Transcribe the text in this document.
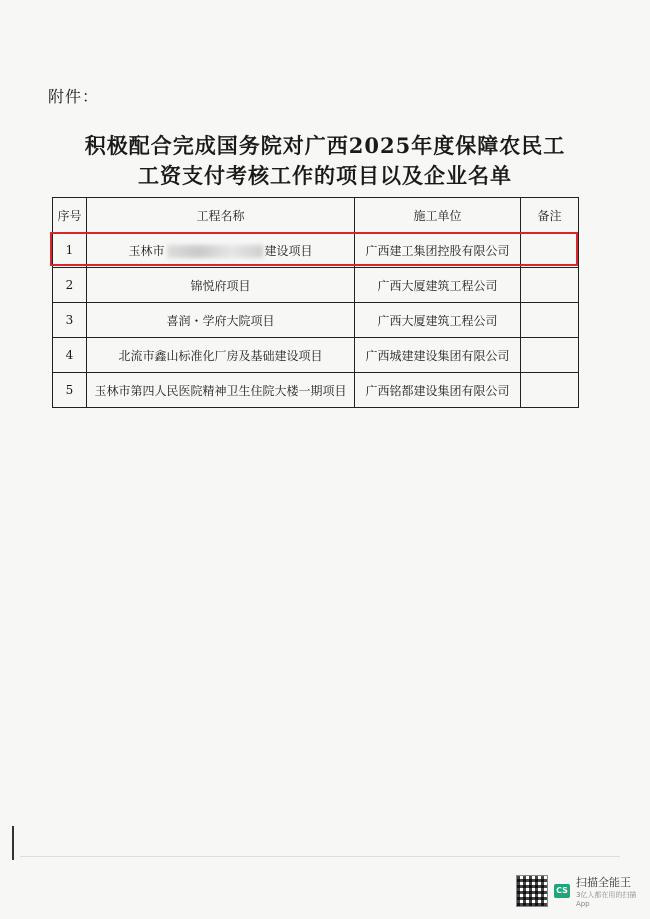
附件：
积极配合完成国务院对广西2025年度保障农民工
工资支付考核工作的项目以及企业名单
序号	工程名称	施工单位	备注
1	玉林市 建设项目	广西建工集团控股有限公司	
2	锦悦府项目	广西大厦建筑工程公司	
3	喜润・学府大院项目	广西大厦建筑工程公司	
4	北流市鑫山标准化厂房及基础建设项目	广西城建建设集团有限公司	
5	玉林市第四人民医院精神卫生住院大楼一期项目	广西铭都建设集团有限公司	
CS
扫描全能王
3亿人都在用的扫描App
